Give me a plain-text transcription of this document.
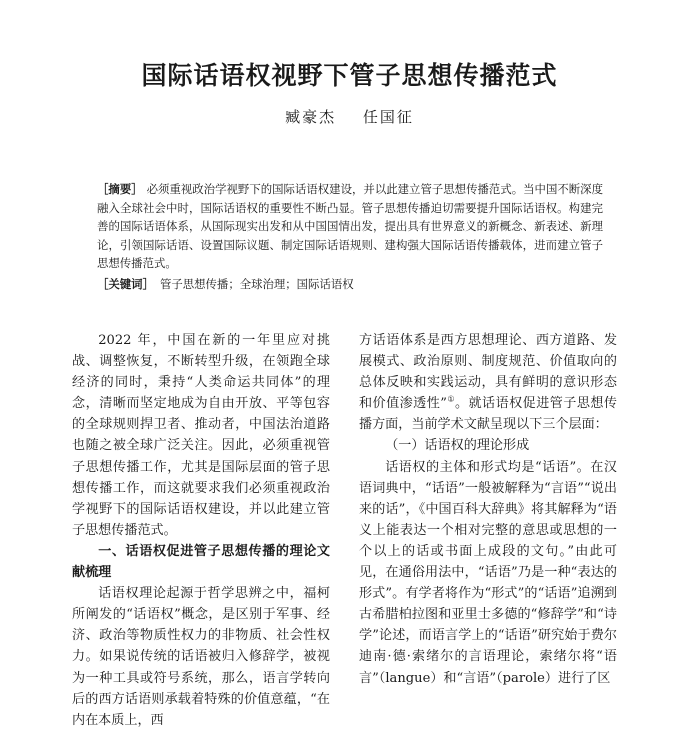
国际话语权视野下管子思想传播范式
臧豪杰 任国征
［摘要］ 必须重视政治学视野下的国际话语权建设，并以此建立管子思想传播范式。当中国不断深度融入全球社会中时，国际话语权的重要性不断凸显。管子思想传播迫切需要提升国际话语权。构建完善的国际话语体系，从国际现实出发和从中国国情出发，提出具有世界意义的新概念、新表述、新理论，引领国际话语、设置国际议题、制定国际话语规则、建构强大国际话语传播载体，进而建立管子思想传播范式。
［关键词］ 管子思想传播；全球治理；国际话语权

2022 年，中国在新的一年里应对挑战、调整恢复，不断转型升级，在领跑全球经济的同时，秉持“人类命运共同体”的理念，清晰而坚定地成为自由开放、平等包容的全球规则捍卫者、推动者，中国法治道路也随之被全球广泛关注。因此，必须重视管子思想传播工作，尤其是国际层面的管子思想传播工作，而这就要求我们必须重视政治学视野下的国际话语权建设，并以此建立管子思想传播范式。

一、话语权促进管子思想传播的理论文献梳理

话语权理论起源于哲学思辨之中，福柯所阐发的“话语权”概念，是区别于军事、经济、政治等物质性权力的非物质、社会性权力。如果说传统的话语被归入修辞学，被视为一种工具或符号系统，那么，语言学转向后的西方话语则承载着特殊的价值意蕴，“在内在本质上，西

方话语体系是西方思想理论、西方道路、发展模式、政治原则、制度规范、价值取向的总体反映和实践运动，具有鲜明的意识形态和价值渗透性”①。就话语权促进管子思想传播方面，当前学术文献呈现以下三个层面：

（一）话语权的理论形成

话语权的主体和形式均是“话语”。在汉语词典中，“话语”一般被解释为“言语”“说出来的话”，《中国百科大辞典》将其解释为“语义上能表达一个相对完整的意思或思想的一个以上的话或书面上成段的文句。”由此可见，在通俗用法中，“话语”乃是一种“表达的形式”。有学者将作为“形式”的“话语”追溯到古希腊柏拉图和亚里士多德的“修辞学”和“诗学”论述，而语言学上的“话语”研究始于费尔迪南·德·索绪尔的言语理论，索绪尔将“语言”（langue）和“言语”（parole）进行了区
